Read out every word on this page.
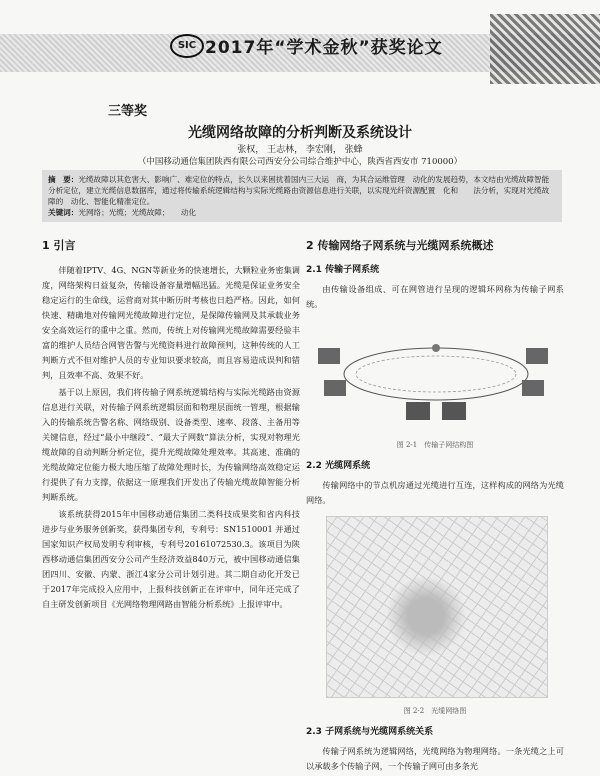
SIC 2017年“学术金秋”获奖论文
三等奖
光缆网络故障的分析判断及系统设计
张权， 王志林， 李宏刚， 张蜂
（中国移动通信集团陕西有限公司西安分公司综合维护中心，陕西省西安市 710000）
摘　要：光缆故障以其危害大、影响广、难定位的特点，长久以来困扰着国内三大运　商，为其合运维管理　动化的发展趋势，本文结由光缆故障智能分析定位，建立光缆信息数据库，通过将传输系统逻辑结构与实际光缆路由资源信息进行关联，以实现光纤资源配置　化和　　法分析，实现对光缆故障的　动化、智能化精准定位。
关键词：光网络；光缆；光缆故障；　　动化
1 引言

伴随着IPTV、4G、NGN等新业务的快速增长，大颗粒业务密集调度，网络架构日益复杂，传输设备容量增幅迅猛。光缆是保证业务安全稳定运行的生命线，运营商对其中断历时考核也日趋严格。因此，如何快速、精确地对传输网光缆故障进行定位，是保障传输网及其承载业务安全高效运行的重中之重。然而，传统上对传输网光缆故障需要经验丰富的维护人员结合网管告警与光缆资料进行故障预判，这种传统的人工判断方式不但对维护人员的专业知识要求较高，而且容易造成误判和错判，且效率不高、效果不好。

基于以上原因，我们将传输子网系统逻辑结构与实际光缆路由资源信息进行关联，对传输子网系统逻辑层面和物理层面统一管理，根据输入的传输系统告警名称、网络级别、设备类型、速率、段落、主备用等关键信息，经过“最小中继段”、“最大子网数”算法分析，实现对物理光缆故障的自动判断分析定位，提升光缆故障处理效率。其高速、准确的光缆故障定位能力极大地压缩了故障处理时长，为传输网络高效稳定运行提供了有力支撑，依据这一原理我们开发出了传输光缆故障智能分析判断系统。

该系统获得2015年中国移动通信集团二类科技成果奖和省内科技进步与业务服务创新奖，获得集团专利，专利号：SN1510001 并通过国家知识产权局发明专利审核，专利号20161072530.3。该项目为陕西移动通信集团西安分公司产生经济效益840万元，被中国移动通信集团四川、安徽、内蒙、浙江4家分公司计划引进。其二期自动化开发已于2017年完成投入应用中，上报科技创新正在评审中，同年还完成了自主研发创新项目《光网络物理网路由智能分析系统》上报评审中。

2 传输网络子网系统与光缆网系统概述
2.1 传输子网系统

由传输设备组成、可在网管进行呈现的逻辑环网称为传输子网系统。

图 2-1　传输子网结构图
2.2 光缆网系统

传输网络中的节点机房通过光缆进行互连，这样构成的网络为光缆网络。

图 2-2　光缆网络图
2.3 子网系统与光缆网系统关系

传输子网系统为逻辑网络，光缆网络为物理网络。一条光缆之上可以承载多个传输子网，一个传输子网可由多条光
